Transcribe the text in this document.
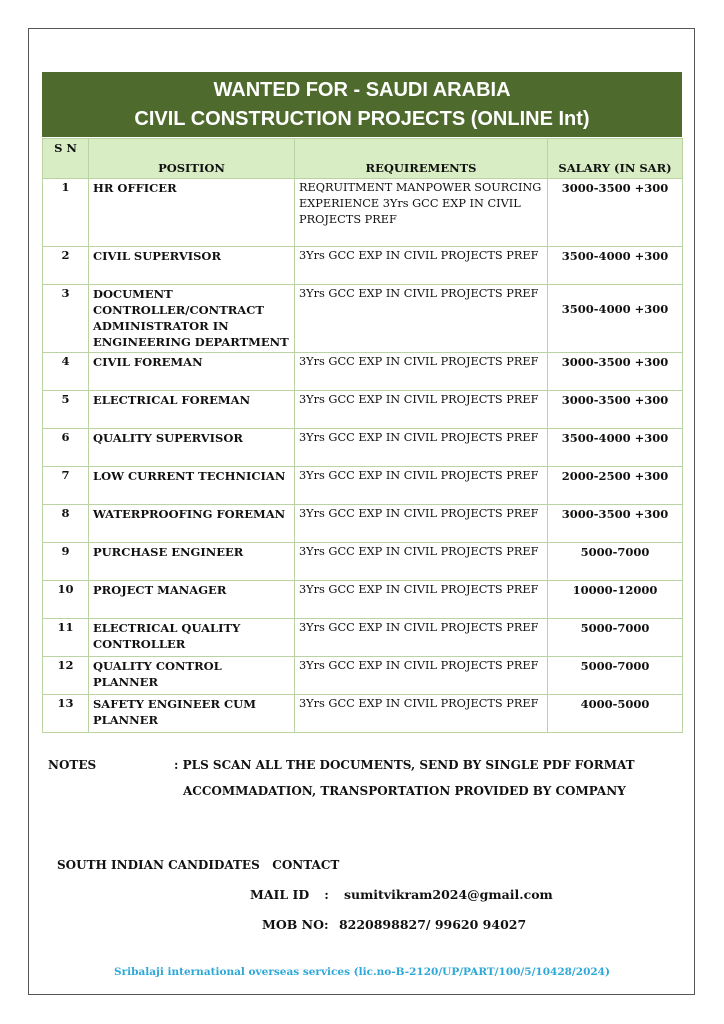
WANTED FOR - SAUDI ARABIA
CIVIL CONSTRUCTION PROJECTS (ONLINE Int)
S N	POSITION	REQUIREMENTS	SALARY (IN SAR)
1	HR OFFICER	REQRUITMENT MANPOWER SOURCING EXPERIENCE 3Yrs GCC EXP IN CIVIL PROJECTS PREF	3000-3500 +300
2	CIVIL SUPERVISOR	3Yrs GCC EXP IN CIVIL PROJECTS PREF	3500-4000 +300
3	DOCUMENT CONTROLLER/CONTRACT ADMINISTRATOR IN ENGINEERING DEPARTMENT	3Yrs GCC EXP IN CIVIL PROJECTS PREF	3500-4000 +300
4	CIVIL FOREMAN	3Yrs GCC EXP IN CIVIL PROJECTS PREF	3000-3500 +300
5	ELECTRICAL FOREMAN	3Yrs GCC EXP IN CIVIL PROJECTS PREF	3000-3500 +300
6	QUALITY SUPERVISOR	3Yrs GCC EXP IN CIVIL PROJECTS PREF	3500-4000 +300
7	LOW CURRENT TECHNICIAN	3Yrs GCC EXP IN CIVIL PROJECTS PREF	2000-2500 +300
8	WATERPROOFING FOREMAN	3Yrs GCC EXP IN CIVIL PROJECTS PREF	3000-3500 +300
9	PURCHASE ENGINEER	3Yrs GCC EXP IN CIVIL PROJECTS PREF	5000-7000
10	PROJECT MANAGER	3Yrs GCC EXP IN CIVIL PROJECTS PREF	10000-12000
11	ELECTRICAL QUALITY CONTROLLER	3Yrs GCC EXP IN CIVIL PROJECTS PREF	5000-7000
12	QUALITY CONTROL PLANNER	3Yrs GCC EXP IN CIVIL PROJECTS PREF	5000-7000
13	SAFETY ENGINEER CUM PLANNER	3Yrs GCC EXP IN CIVIL PROJECTS PREF	4000-5000
NOTES	: PLS SCAN ALL THE DOCUMENTS, SEND BY SINGLE PDF FORMAT
ACCOMMADATION, TRANSPORTATION PROVIDED BY COMPANY
SOUTH INDIAN CANDIDATES   CONTACT
MAIL ID : sumitvikram2024@gmail.com
MOB NO: 8220898827/ 99620 94027
Sribalaji international overseas services (lic.no-B-2120/UP/PART/100/5/10428/2024)
